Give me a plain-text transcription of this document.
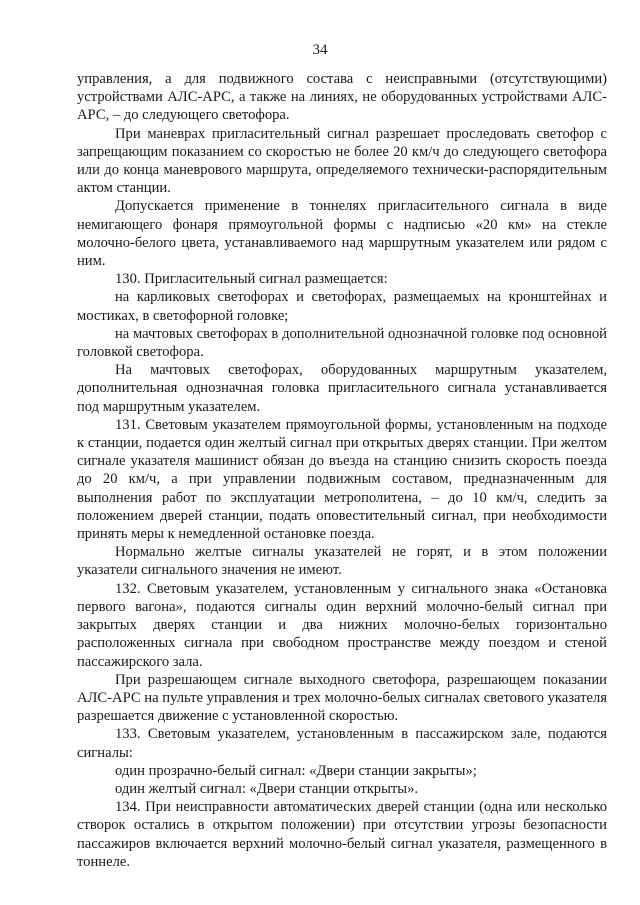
34

управления, а для подвижного состава с неисправными (отсутствующими) устройствами АЛС-АРС, а также на линиях, не оборудованных устройствами АЛС-АРС, – до следующего светофора.

При маневрах пригласительный сигнал разрешает проследовать светофор с запрещающим показанием со скоростью не более 20 км/ч до следующего светофора или до конца маневрового маршрута, определяемого технически-распорядительным актом станции.

Допускается применение в тоннелях пригласительного сигнала в виде немигающего фонаря прямоугольной формы с надписью «20 км» на стекле молочно-белого цвета, устанавливаемого над маршрутным указателем или рядом с ним.

130. Пригласительный сигнал размещается:

на карликовых светофорах и светофорах, размещаемых на кронштейнах и мостиках, в светофорной головке;

на мачтовых светофорах в дополнительной однозначной головке под основной головкой светофора.

На мачтовых светофорах, оборудованных маршрутным указателем, дополнительная однозначная головка пригласительного сигнала устанавливается под маршрутным указателем.

131. Световым указателем прямоугольной формы, установленным на подходе к станции, подается один желтый сигнал при открытых дверях станции. При желтом сигнале указателя машинист обязан до въезда на станцию снизить скорость поезда до 20 км/ч, а при управлении подвижным составом, предназначенным для выполнения работ по эксплуатации метрополитена, – до 10 км/ч, следить за положением дверей станции, подать оповестительный сигнал, при необходимости принять меры к немедленной остановке поезда.

Нормально желтые сигналы указателей не горят, и в этом положении указатели сигнального значения не имеют.

132. Световым указателем, установленным у сигнального знака «Остановка первого вагона», подаются сигналы один верхний молочно-белый сигнал при закрытых дверях станции и два нижних молочно-белых горизонтально расположенных сигнала при свободном пространстве между поездом и стеной пассажирского зала.

При разрешающем сигнале выходного светофора, разрешающем показании АЛС-АРС на пульте управления и трех молочно-белых сигналах светового указателя разрешается движение с установленной скоростью.

133. Световым указателем, установленным в пассажирском зале, подаются сигналы:

один прозрачно-белый сигнал: «Двери станции закрыты»;

один желтый сигнал: «Двери станции открыты».

134. При неисправности автоматических дверей станции (одна или несколько створок остались в открытом положении) при отсутствии угрозы безопасности пассажиров включается верхний молочно-белый сигнал указателя, размещенного в тоннеле.
